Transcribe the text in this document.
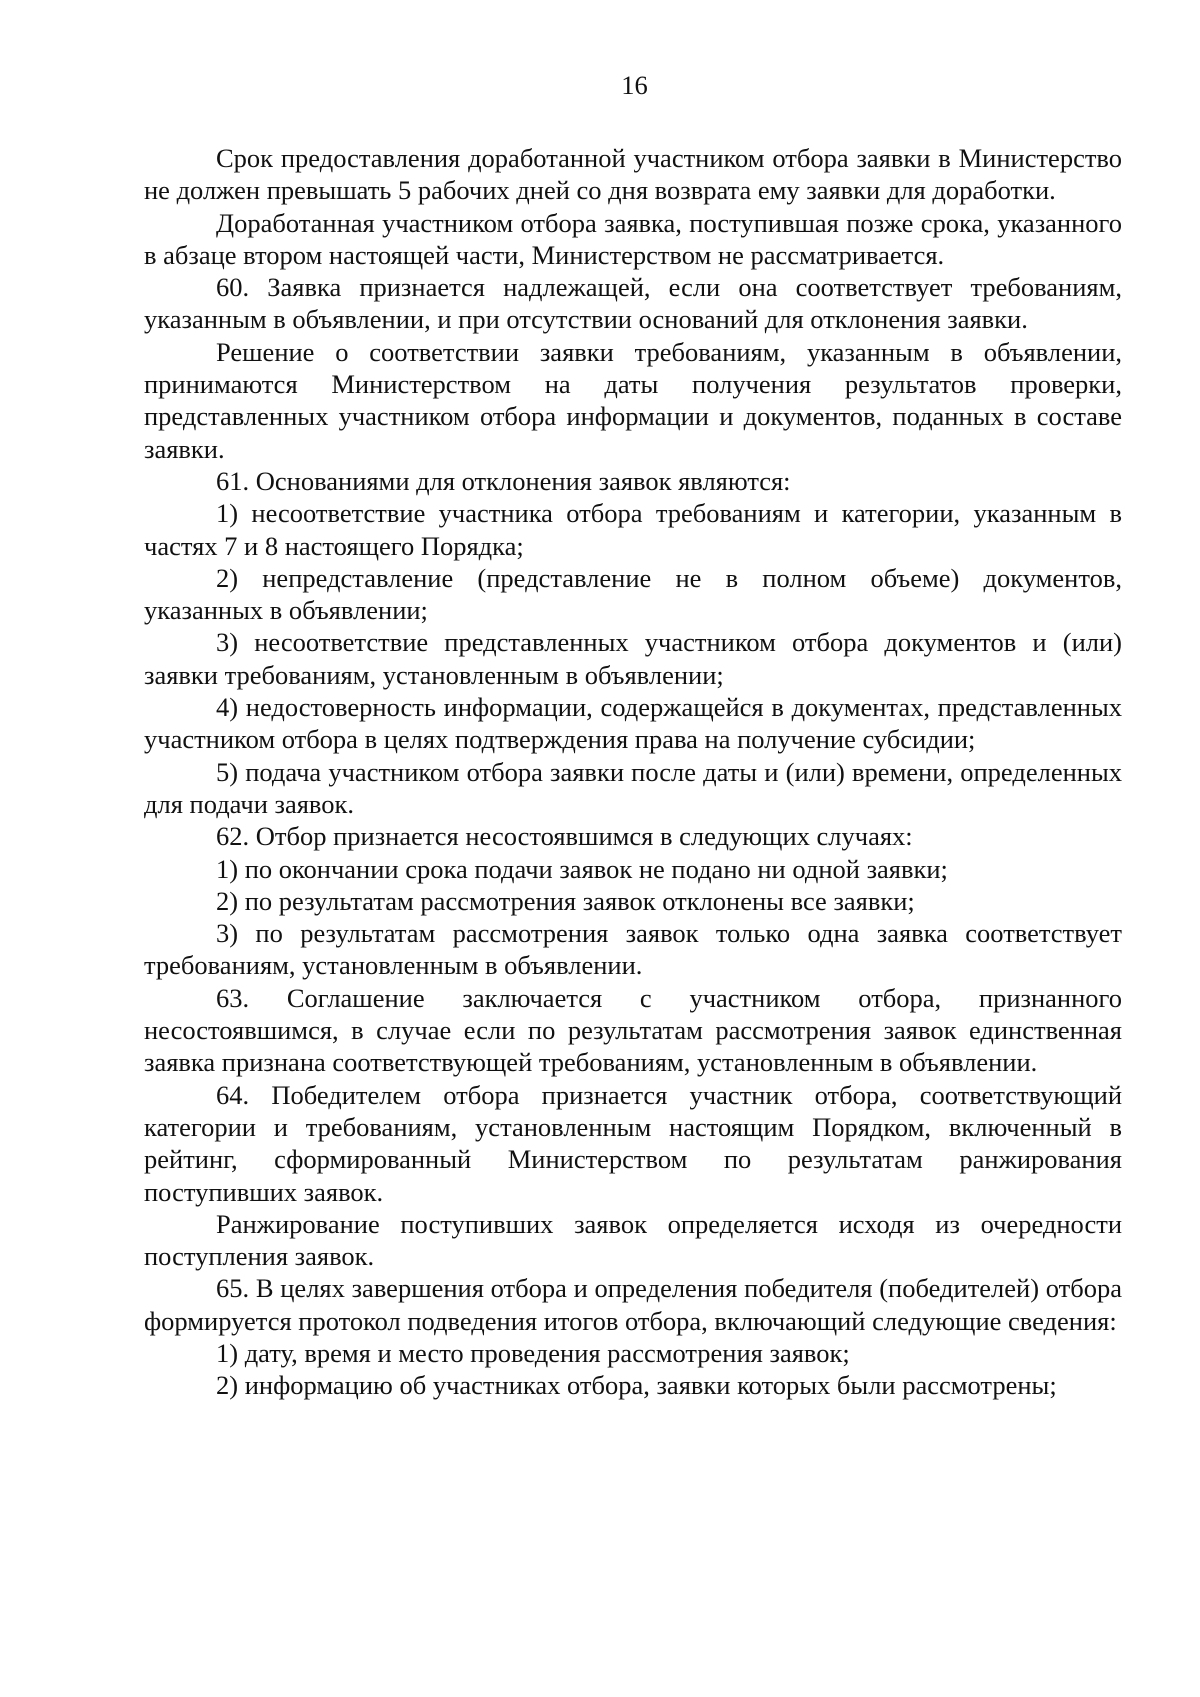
16

Срок предоставления доработанной участником отбора заявки в Министерство не должен превышать 5 рабочих дней со дня возврата ему заявки для доработки.

Доработанная участником отбора заявка, поступившая позже срока, указанного в абзаце втором настоящей части, Министерством не рассматривается.

60. Заявка признается надлежащей, если она соответствует требованиям, указанным в объявлении, и при отсутствии оснований для отклонения заявки.

Решение о соответствии заявки требованиям, указанным в объявлении, принимаются Министерством на даты получения результатов проверки, представленных участником отбора информации и документов, поданных в составе заявки.

61. Основаниями для отклонения заявок являются:

1) несоответствие участника отбора требованиям и категории, указанным в частях 7 и 8 настоящего Порядка;

2) непредставление (представление не в полном объеме) документов, указанных в объявлении;

3) несоответствие представленных участником отбора документов и (или) заявки требованиям, установленным в объявлении;

4) недостоверность информации, содержащейся в документах, представленных участником отбора в целях подтверждения права на получение субсидии;

5) подача участником отбора заявки после даты и (или) времени, определенных для подачи заявок.

62. Отбор признается несостоявшимся в следующих случаях:

1) по окончании срока подачи заявок не подано ни одной заявки;

2) по результатам рассмотрения заявок отклонены все заявки;

3) по результатам рассмотрения заявок только одна заявка соответствует требованиям, установленным в объявлении.

63. Соглашение заключается с участником отбора, признанного несостоявшимся, в случае если по результатам рассмотрения заявок единственная заявка признана соответствующей требованиям, установленным в объявлении.

64. Победителем отбора признается участник отбора, соответствующий категории и требованиям, установленным настоящим Порядком, включенный в рейтинг, сформированный Министерством по результатам ранжирования поступивших заявок.

Ранжирование поступивших заявок определяется исходя из очередности поступления заявок.

65. В целях завершения отбора и определения победителя (победителей) отбора формируется протокол подведения итогов отбора, включающий следующие сведения:

1) дату, время и место проведения рассмотрения заявок;

2) информацию об участниках отбора, заявки которых были рассмотрены;
